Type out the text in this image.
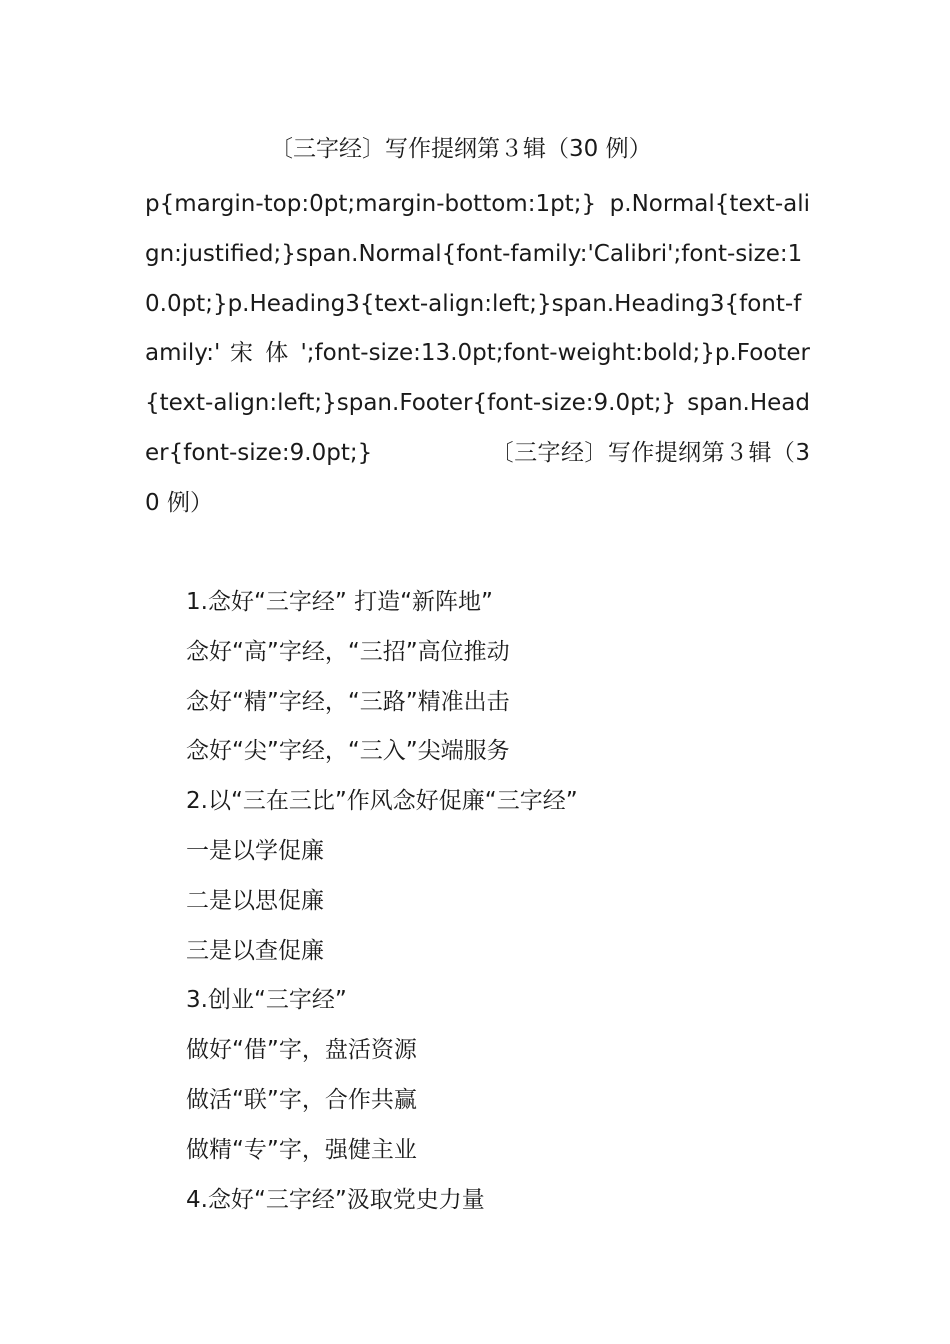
〔三字经〕写作提纲第３辑（30 例）

p{margin-top:0pt;margin-bottom:1pt;} p.Normal{text-align:justified;}span.Normal{font-family:'Calibri';font-size:10.0pt;}p.Heading3{text-align:left;}span.Heading3{font-family:' 宋 体 ';font-size:13.0pt;font-weight:bold;}p.Footer{text-align:left;}span.Footer{font-size:9.0pt;} span.Header{font-size:9.0pt;}	〔三字经〕写作提纲第３辑（30 例）

1.念好“三字经” 打造“新阵地”
念好“高”字经，“三招”高位推动
念好“精”字经，“三路”精准出击
念好“尖”字经，“三入”尖端服务
2.以“三在三比”作风念好促廉“三字经”
一是以学促廉
二是以思促廉
三是以查促廉
3.创业“三字经”
做好“借”字，盘活资源
做活“联”字，合作共赢
做精“专”字，强健主业
4.念好“三字经”汲取党史力量
